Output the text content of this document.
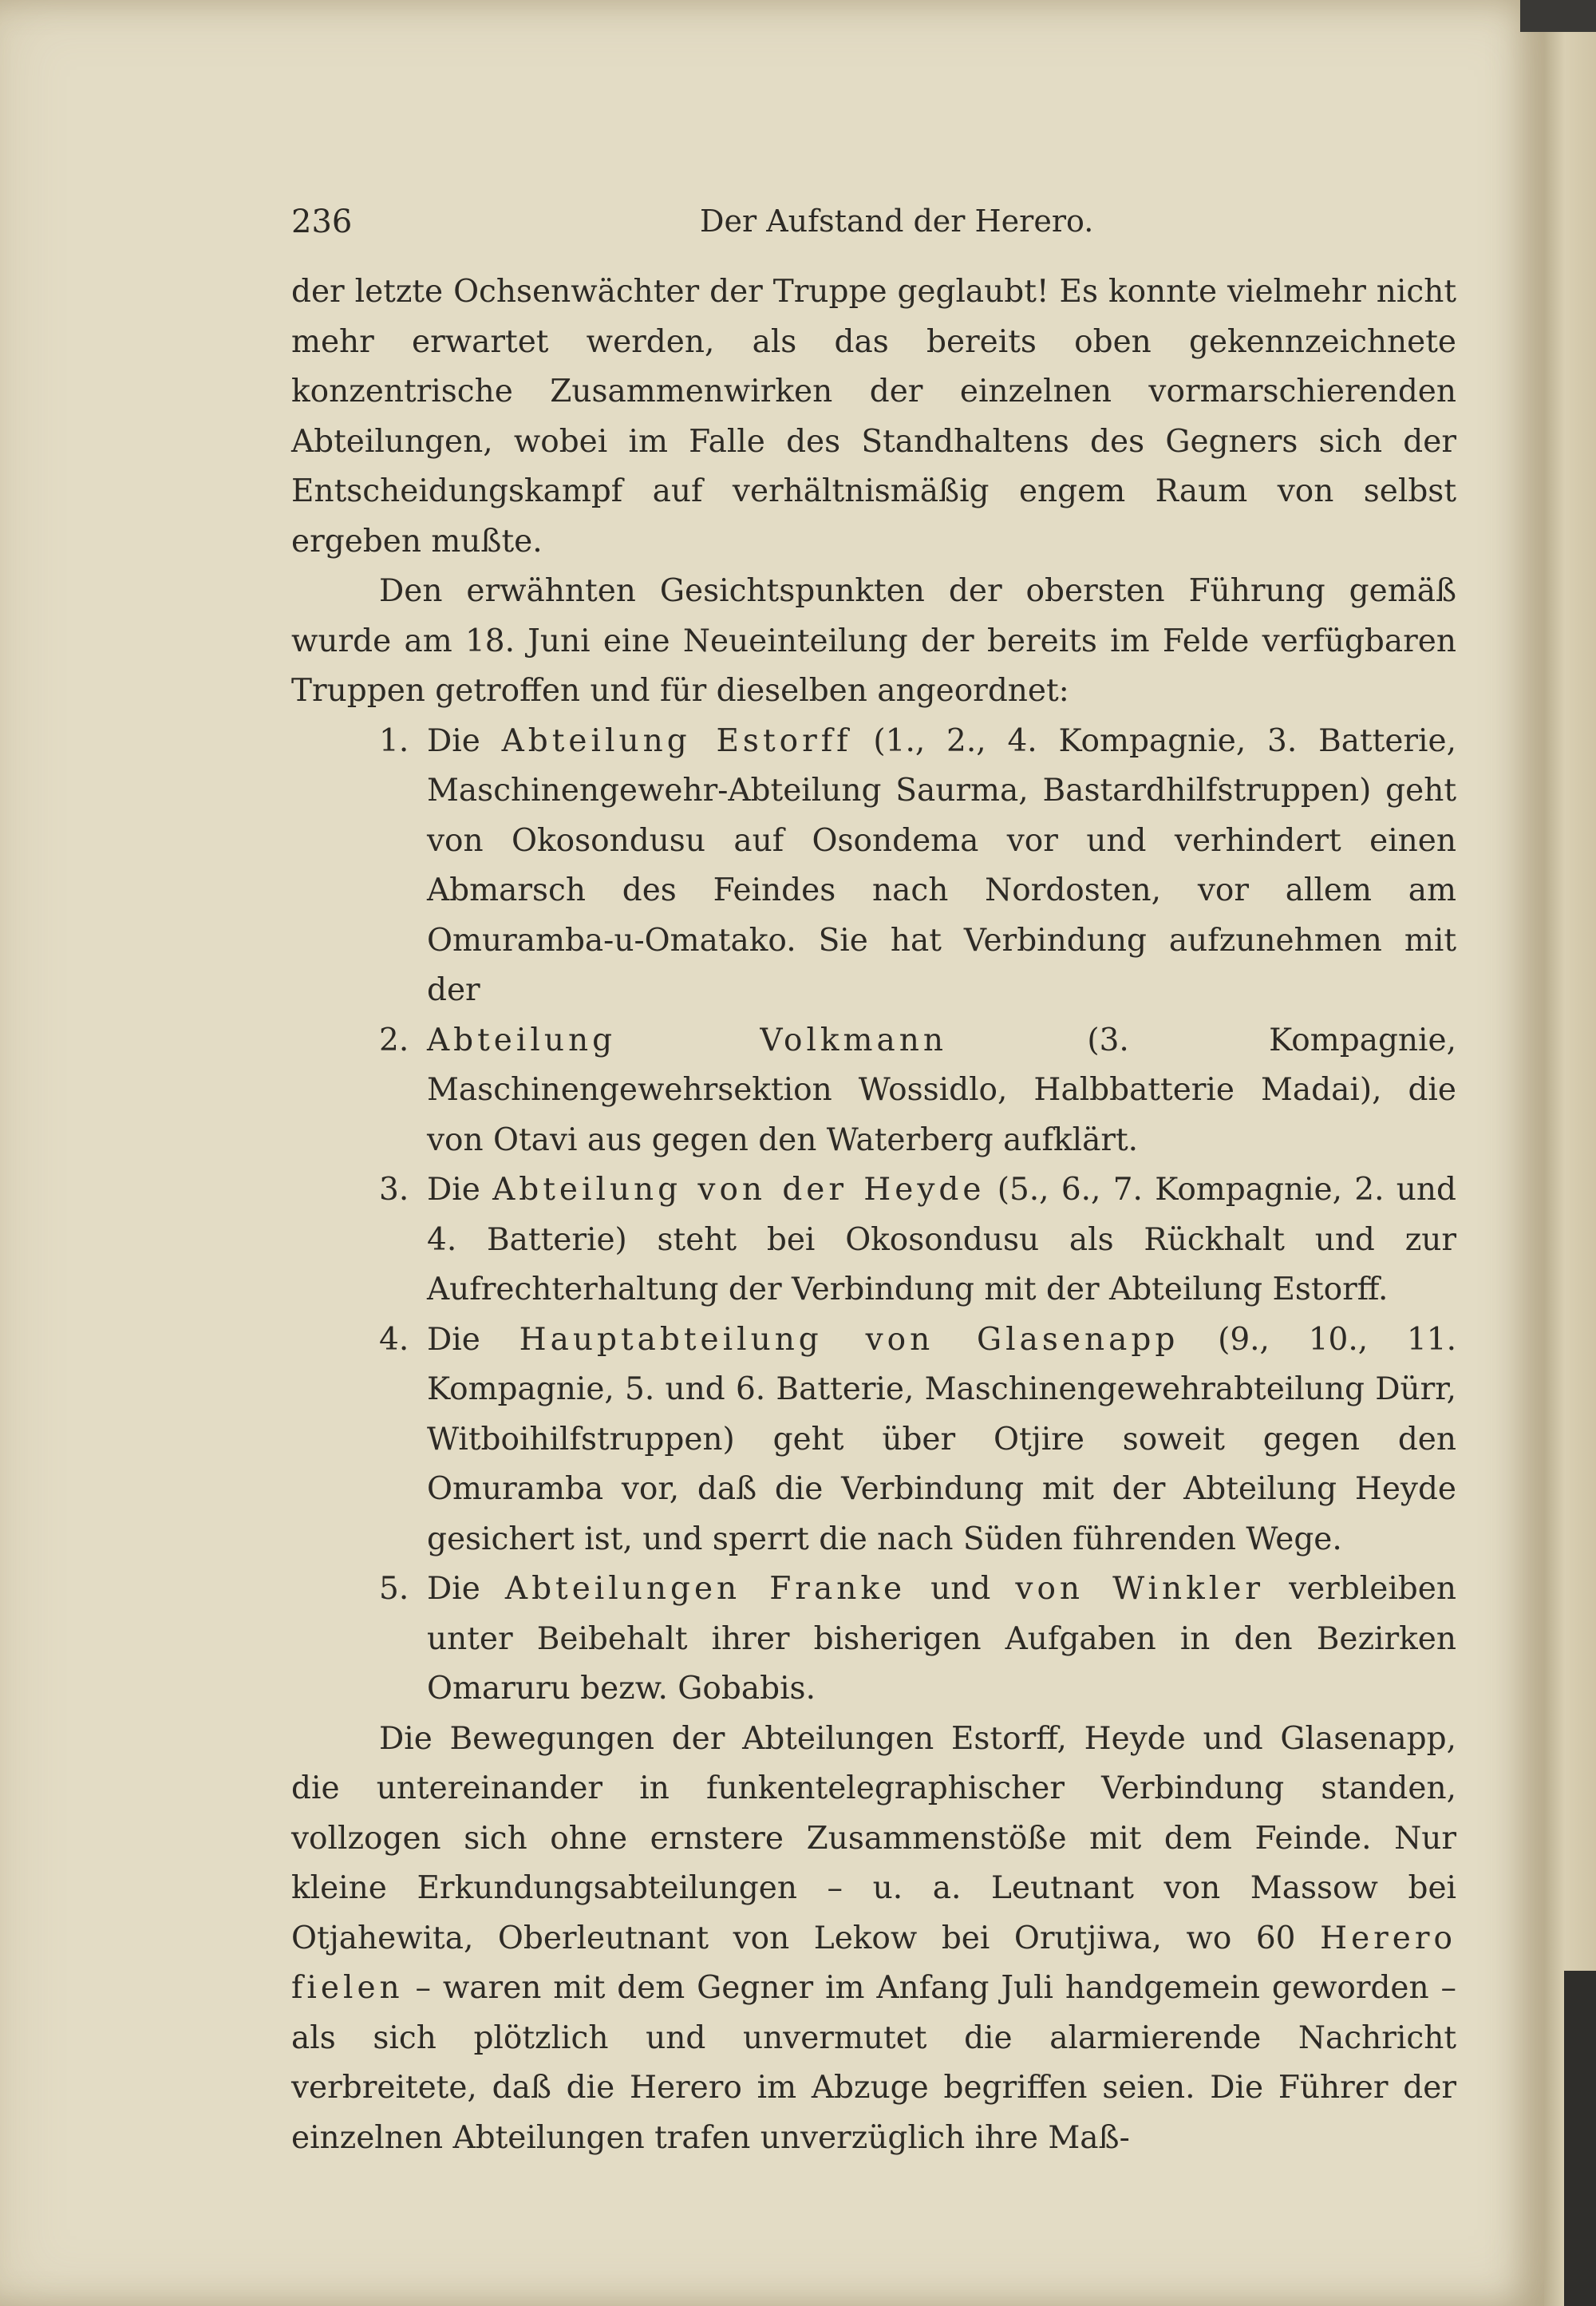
236	Der Aufstand der Herero.

der letzte Ochsenwächter der Truppe geglaubt! Es konnte vielmehr nicht mehr erwartet werden, als das bereits oben gekennzeichnete konzentrische Zusammenwirken der einzelnen vormarschierenden Abteilungen, wobei im Falle des Standhaltens des Gegners sich der Entscheidungskampf auf verhältnismäßig engem Raum von selbst ergeben mußte.

Den erwähnten Gesichtspunkten der obersten Führung gemäß wurde am 18. Juni eine Neueinteilung der bereits im Felde verfügbaren Truppen getroffen und für dieselben angeordnet:

1. Die Abteilung Estorff (1., 2., 4. Kompagnie, 3. Batterie, Maschinengewehr-Abteilung Saurma, Bastardhilfstruppen) geht von Okosondusu auf Osondema vor und verhindert einen Abmarsch des Feindes nach Nordosten, vor allem am Omuramba-u-Omatako. Sie hat Verbindung aufzunehmen mit der
2. Abteilung Volkmann (3. Kompagnie, Maschinengewehrsektion Wossidlo, Halbbatterie Madai), die von Otavi aus gegen den Waterberg aufklärt.
3. Die Abteilung von der Heyde (5., 6., 7. Kompagnie, 2. und 4. Batterie) steht bei Okosondusu als Rückhalt und zur Aufrechterhaltung der Verbindung mit der Abteilung Estorff.
4. Die Hauptabteilung von Glasenapp (9., 10., 11. Kompagnie, 5. und 6. Batterie, Maschinengewehrabteilung Dürr, Witboihilfstruppen) geht über Otjire soweit gegen den Omuramba vor, daß die Verbindung mit der Abteilung Heyde gesichert ist, und sperrt die nach Süden führenden Wege.
5. Die Abteilungen Franke und von Winkler verbleiben unter Beibehalt ihrer bisherigen Aufgaben in den Bezirken Omaruru bezw. Gobabis.

Die Bewegungen der Abteilungen Estorff, Heyde und Glasenapp, die untereinander in funkentelegraphischer Verbindung standen, vollzogen sich ohne ernstere Zusammenstöße mit dem Feinde. Nur kleine Erkundungsabteilungen – u. a. Leutnant von Massow bei Otjahewita, Oberleutnant von Lekow bei Orutjiwa, wo 60 Herero fielen – waren mit dem Gegner im Anfang Juli handgemein geworden – als sich plötzlich und unvermutet die alarmierende Nachricht verbreitete, daß die Herero im Abzuge begriffen seien. Die Führer der einzelnen Abteilungen trafen unverzüglich ihre Maß-
